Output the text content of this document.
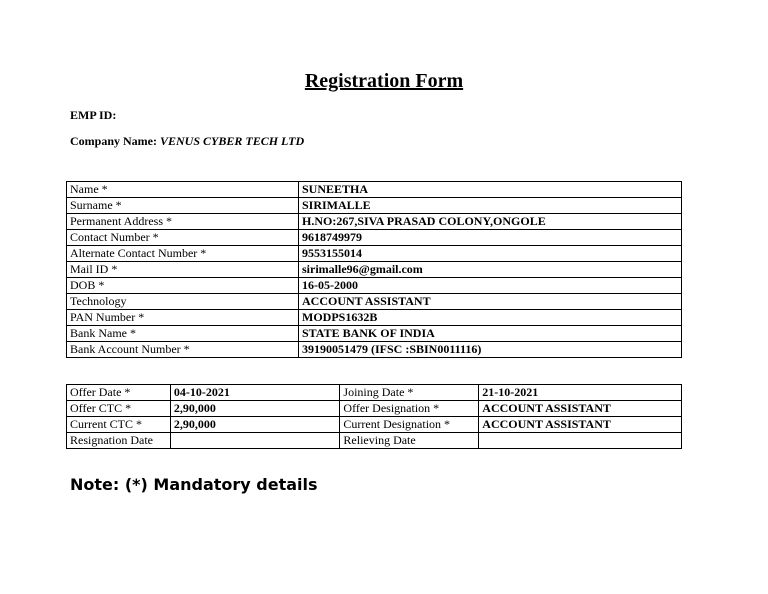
Registration Form
EMP ID:
Company Name: VENUS CYBER TECH LTD
Name *	SUNEETHA
Surname *	SIRIMALLE
Permanent Address *	H.NO:267,SIVA PRASAD COLONY,ONGOLE
Contact Number *	9618749979
Alternate Contact Number *	9553155014
Mail ID *	sirimalle96@gmail.com
DOB *	16-05-2000
Technology	ACCOUNT ASSISTANT
PAN Number *	MODPS1632B
Bank Name *	STATE BANK OF INDIA
Bank Account Number *	39190051479 (IFSC :SBIN0011116)
Offer Date *	04-10-2021	Joining Date *	21-10-2021
Offer CTC *	2,90,000	Offer Designation *	ACCOUNT ASSISTANT
Current CTC *	2,90,000	Current Designation *	ACCOUNT ASSISTANT
Resignation Date		Relieving Date	
Note: (*) Mandatory details
